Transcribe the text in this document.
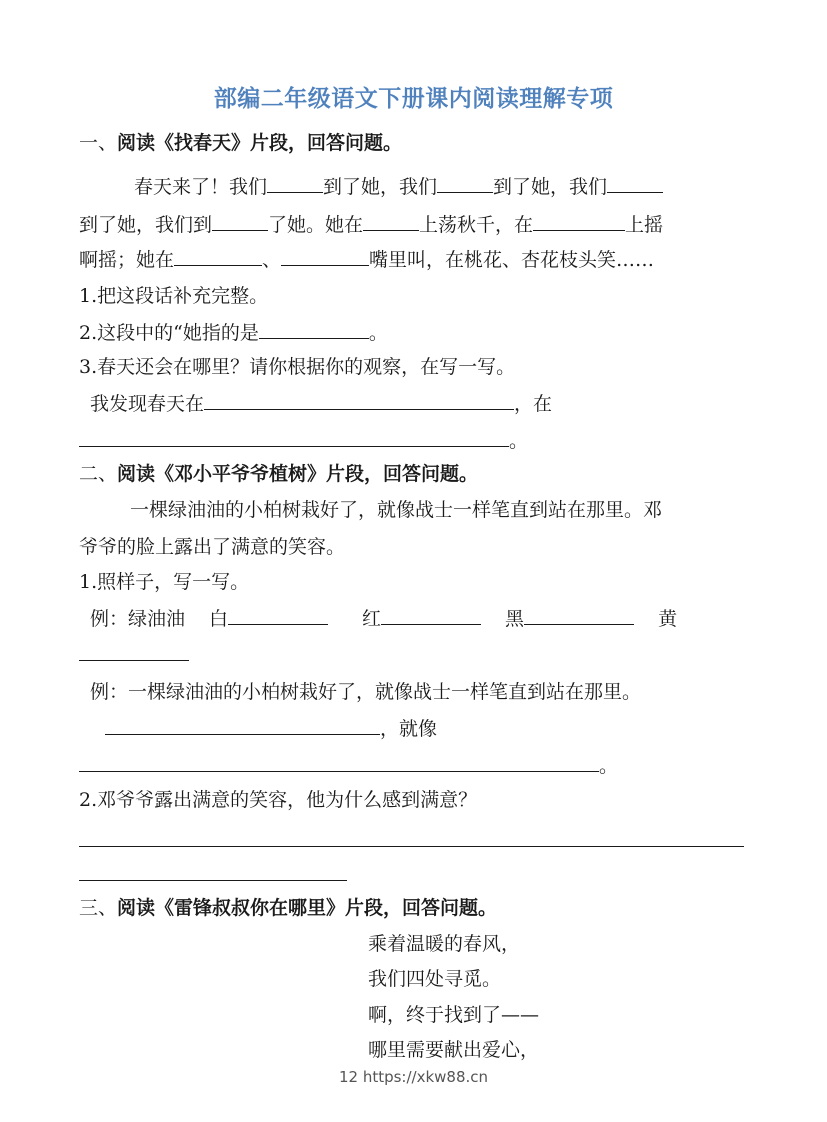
部编二年级语文下册课内阅读理解专项
一、阅读《找春天》片段，回答问题。
春天来了！我们	到了她，我们	到了她，我们
到了她，我们到	了她。她在	上荡秋千，在	上摇
啊摇；她在	、	嘴里叫，在桃花、杏花枝头笑……
1.把这段话补充完整。
2.这段中的“她指的是	。
3.春天还会在哪里？请你根据你的观察，在写一写。
我发现春天在	，在
。
二、阅读《邓小平爷爷植树》片段，回答问题。
一棵绿油油的小柏树栽好了，就像战士一样笔直到站在那里。邓
爷爷的脸上露出了满意的笑容。
1.照样子，写一写。
例：绿油油 白	红	黑	黄
例：一棵绿油油的小柏树栽好了，就像战士一样笔直到站在那里。
，就像
。
2.邓爷爷露出满意的笑容，他为什么感到满意？
三、阅读《雷锋叔叔你在哪里》片段，回答问题。
乘着温暖的春风，
我们四处寻觅。
啊，终于找到了——
哪里需要献出爱心，
12 https://xkw88.cn
